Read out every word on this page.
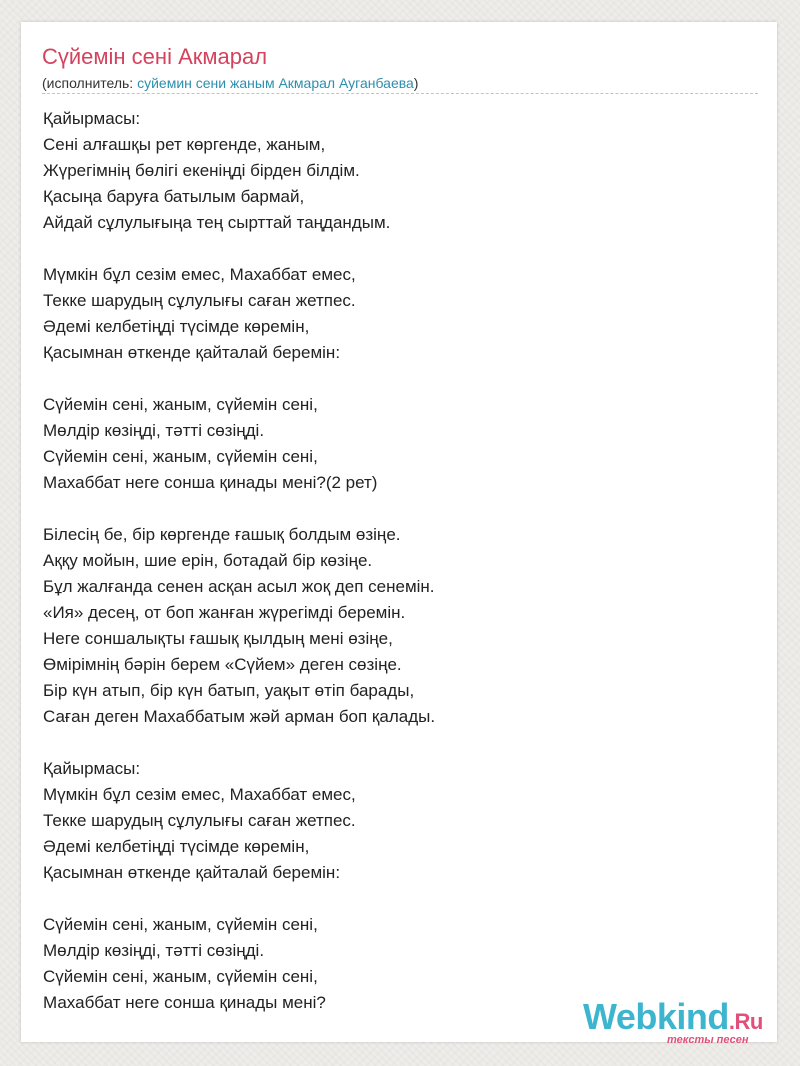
Сүйемін сені Акмарал
(исполнитель: суйемин сени жаным Акмарал Ауганбаева)
Қайырмасы:
Сені алғашқы рет көргенде, жаным,
Жүрегімнің бөлігі екеніңді бірден білдім.
Қасыңа баруға батылым бармай,
Айдай сұлулығыңа тең сырттай таңдандым.
Мүмкін бұл сезім емес, Махаббат емес,
Текке шарудың сұлулығы саған жетпес.
Әдемі келбетіңді түсімде көремін,
Қасымнан өткенде қайталай беремін:
Сүйемін сені, жаным, сүйемін сені,
Мөлдір көзіңді, тәтті сөзіңді.
Сүйемін сені, жаным, сүйемін сені,
Махаббат неге сонша қинады мені?(2 рет)
Білесің бе, бір көргенде ғашық болдым өзіңе.
Аққу мойын, шие ерін, ботадай бір көзіңе.
Бұл жалғанда сенен асқан асыл жоқ деп сенемін.
«Ия» десең, от боп жанған жүрегімді беремін.
Неге соншалықты ғашық қылдың мені өзіңе,
Өмірімнің бәрін берем «Сүйем» деген сөзіңе.
Бір күн атып, бір күн батып, уақыт өтіп барады,
Саған деген Махаббатым жәй арман боп қалады.
Қайырмасы:
Мүмкін бұл сезім емес, Махаббат емес,
Текке шарудың сұлулығы саған жетпес.
Әдемі келбетіңді түсімде көремін,
Қасымнан өткенде қайталай беремін:
Сүйемін сені, жаным, сүйемін сені,
Мөлдір көзіңді, тәтті сөзіңді.
Сүйемін сені, жаным, сүйемін сені,
Махаббат неге сонша қинады мені?	Webkind.Ru
тексты песен
